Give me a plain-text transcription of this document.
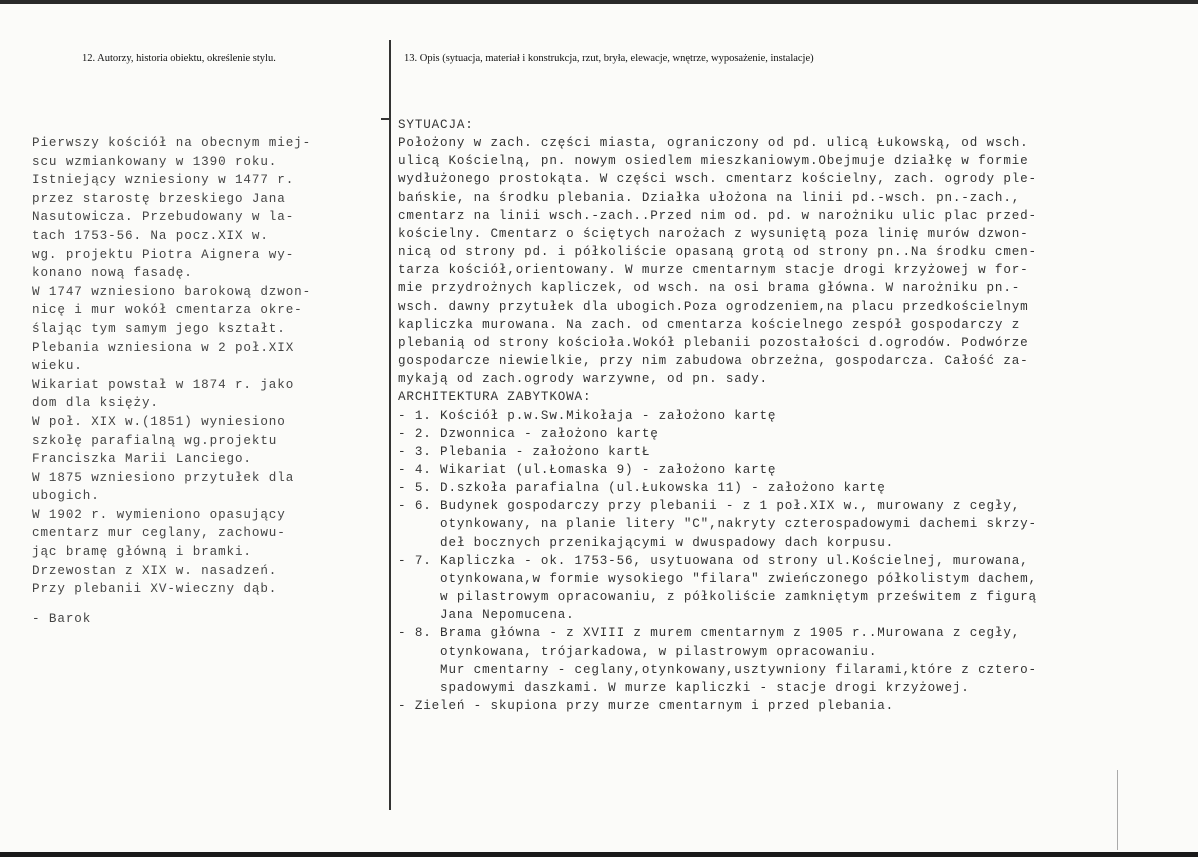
12. Autorzy, historia obiektu, określenie stylu.	13. Opis (sytuacja, materiał i konstrukcja, rzut, bryła, elewacje, wnętrze, wyposażenie, instalacje)
Pierwszy kościół na obecnym miej-
scu wzmiankowany w 1390 roku.
Istniejący wzniesiony w 1477 r.
przez starostę brzeskiego Jana
Nasutowicza. Przebudowany w la-
tach 1753-56. Na pocz.XIX w.
wg. projektu Piotra Aignera wy-
konano nową fasadę.
W 1747 wzniesiono barokową dzwon-
nicę i mur wokół cmentarza okre-
ślając tym samym jego kształt.
Plebania wzniesiona w 2 poł.XIX
wieku.
Wikariat powstał w 1874 r. jako
dom dla księży.
W poł. XIX w.(1851) wyniesiono
szkołę parafialną wg.projektu
Franciszka Marii Lanciego.
W 1875 wzniesiono przytułek dla
ubogich.
W 1902 r. wymieniono opasujący
cmentarz mur ceglany, zachowu-
jąc bramę główną i bramki.
Drzewostan z XIX w. nasadzeń.
Przy plebanii XV-wieczny dąb.
- Barok
SYTUACJA:
Położony w zach. części miasta, ograniczony od pd. ulicą Łukowską, od wsch.
ulicą Kościelną, pn. nowym osiedlem mieszkaniowym.Obejmuje działkę w formie
wydłużonego prostokąta. W części wsch. cmentarz kościelny, zach. ogrody ple-
bańskie, na środku plebania. Działka ułożona na linii pd.-wsch. pn.-zach.,
cmentarz na linii wsch.-zach..Przed nim od. pd. w narożniku ulic plac przed-
kościelny. Cmentarz o ściętych narożach z wysuniętą poza linię murów dzwon-
nicą od strony pd. i półkoliście opasaną grotą od strony pn..Na środku cmen-
tarza kościół,orientowany. W murze cmentarnym stacje drogi krzyżowej w for-
mie przydrożnych kapliczek, od wsch. na osi brama główna. W narożniku pn.-
wsch. dawny przytułek dla ubogich.Poza ogrodzeniem,na placu przedkościelnym
kapliczka murowana. Na zach. od cmentarza kościelnego zespół gospodarczy z
plebanią od strony kościoła.Wokół plebanii pozostałości d.ogrodów. Podwórze
gospodarcze niewielkie, przy nim zabudowa obrzeżna, gospodarcza. Całość za-
mykają od zach.ogrody warzywne, od pn. sady.
ARCHITEKTURA ZABYTKOWA:
- 1. Kościół p.w.Sw.Mikołaja - założono kartę
- 2. Dzwonnica - założono kartę
- 3. Plebania - założono kartŁ
- 4. Wikariat (ul.Łomaska 9) - założono kartę
- 5. D.szkoła parafialna (ul.Łukowska 11) - założono kartę
- 6. Budynek gospodarczy przy plebanii - z 1 poł.XIX w., murowany z cegły,
otynkowany, na planie litery "C",nakryty czterospadowymi dachemi skrzy-
deł bocznych przenikającymi w dwuspadowy dach korpusu.
- 7. Kapliczka - ok. 1753-56, usytuowana od strony ul.Kościelnej, murowana,
otynkowana,w formie wysokiego "filara" zwieńczonego półkolistym dachem,
w pilastrowym opracowaniu, z półkoliście zamkniętym prześwitem z figurą
Jana Nepomucena.
- 8. Brama główna - z XVIII z murem cmentarnym z 1905 r..Murowana z cegły,
otynkowana, trójarkadowa, w pilastrowym opracowaniu.
Mur cmentarny - ceglany,otynkowany,usztywniony filarami,które z cztero-
spadowymi daszkami. W murze kapliczki - stacje drogi krzyżowej.
- Zieleń - skupiona przy murze cmentarnym i przed plebania.
